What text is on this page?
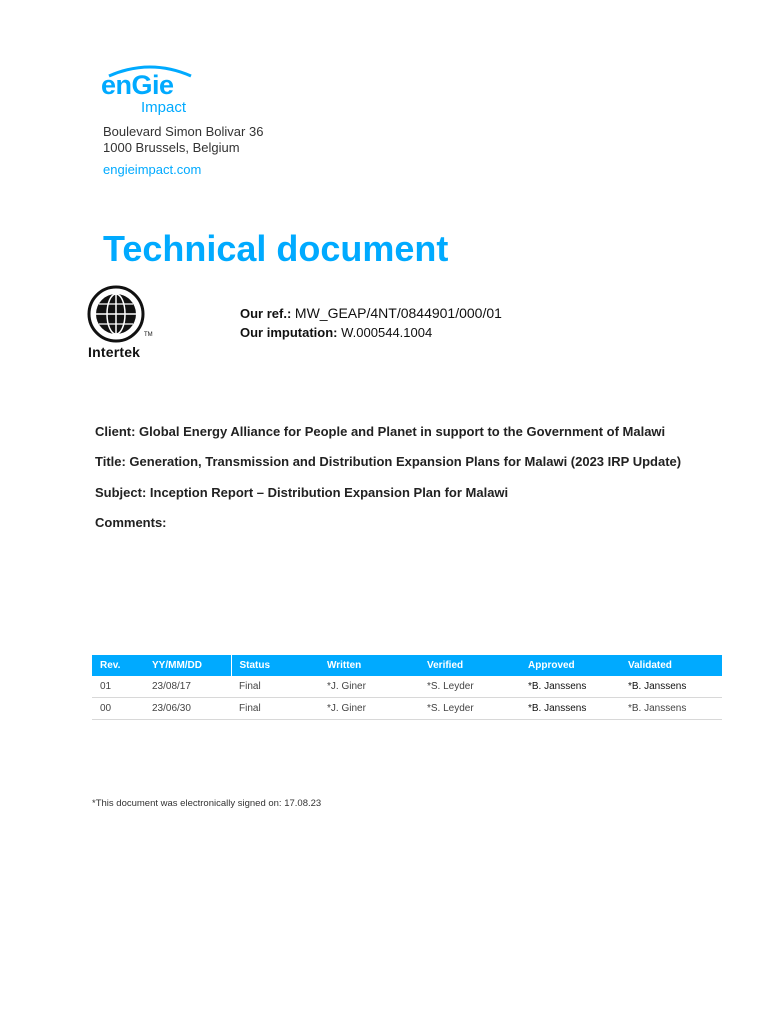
enGie
Impact
Boulevard Simon Bolivar 36
1000 Brussels, Belgium
engieimpact.com
Technical document
TM
Intertek
Our ref.: MW_GEAP/4NT/0844901/000/01
Our imputation: W.000544.1004
Client: Global Energy Alliance for People and Planet in support to the Government of Malawi
Title: Generation, Transmission and Distribution Expansion Plans for Malawi (2023 IRP Update)
Subject: Inception Report – Distribution Expansion Plan for Malawi
Comments:
Rev.	YY/MM/DD	Status	Written	Verified	Approved	Validated
01	23/08/17	Final	*J. Giner	*S. Leyder	*B. Janssens	*B. Janssens
00	23/06/30	Final	*J. Giner	*S. Leyder	*B. Janssens	*B. Janssens
*This document was electronically signed on: 17.08.23
